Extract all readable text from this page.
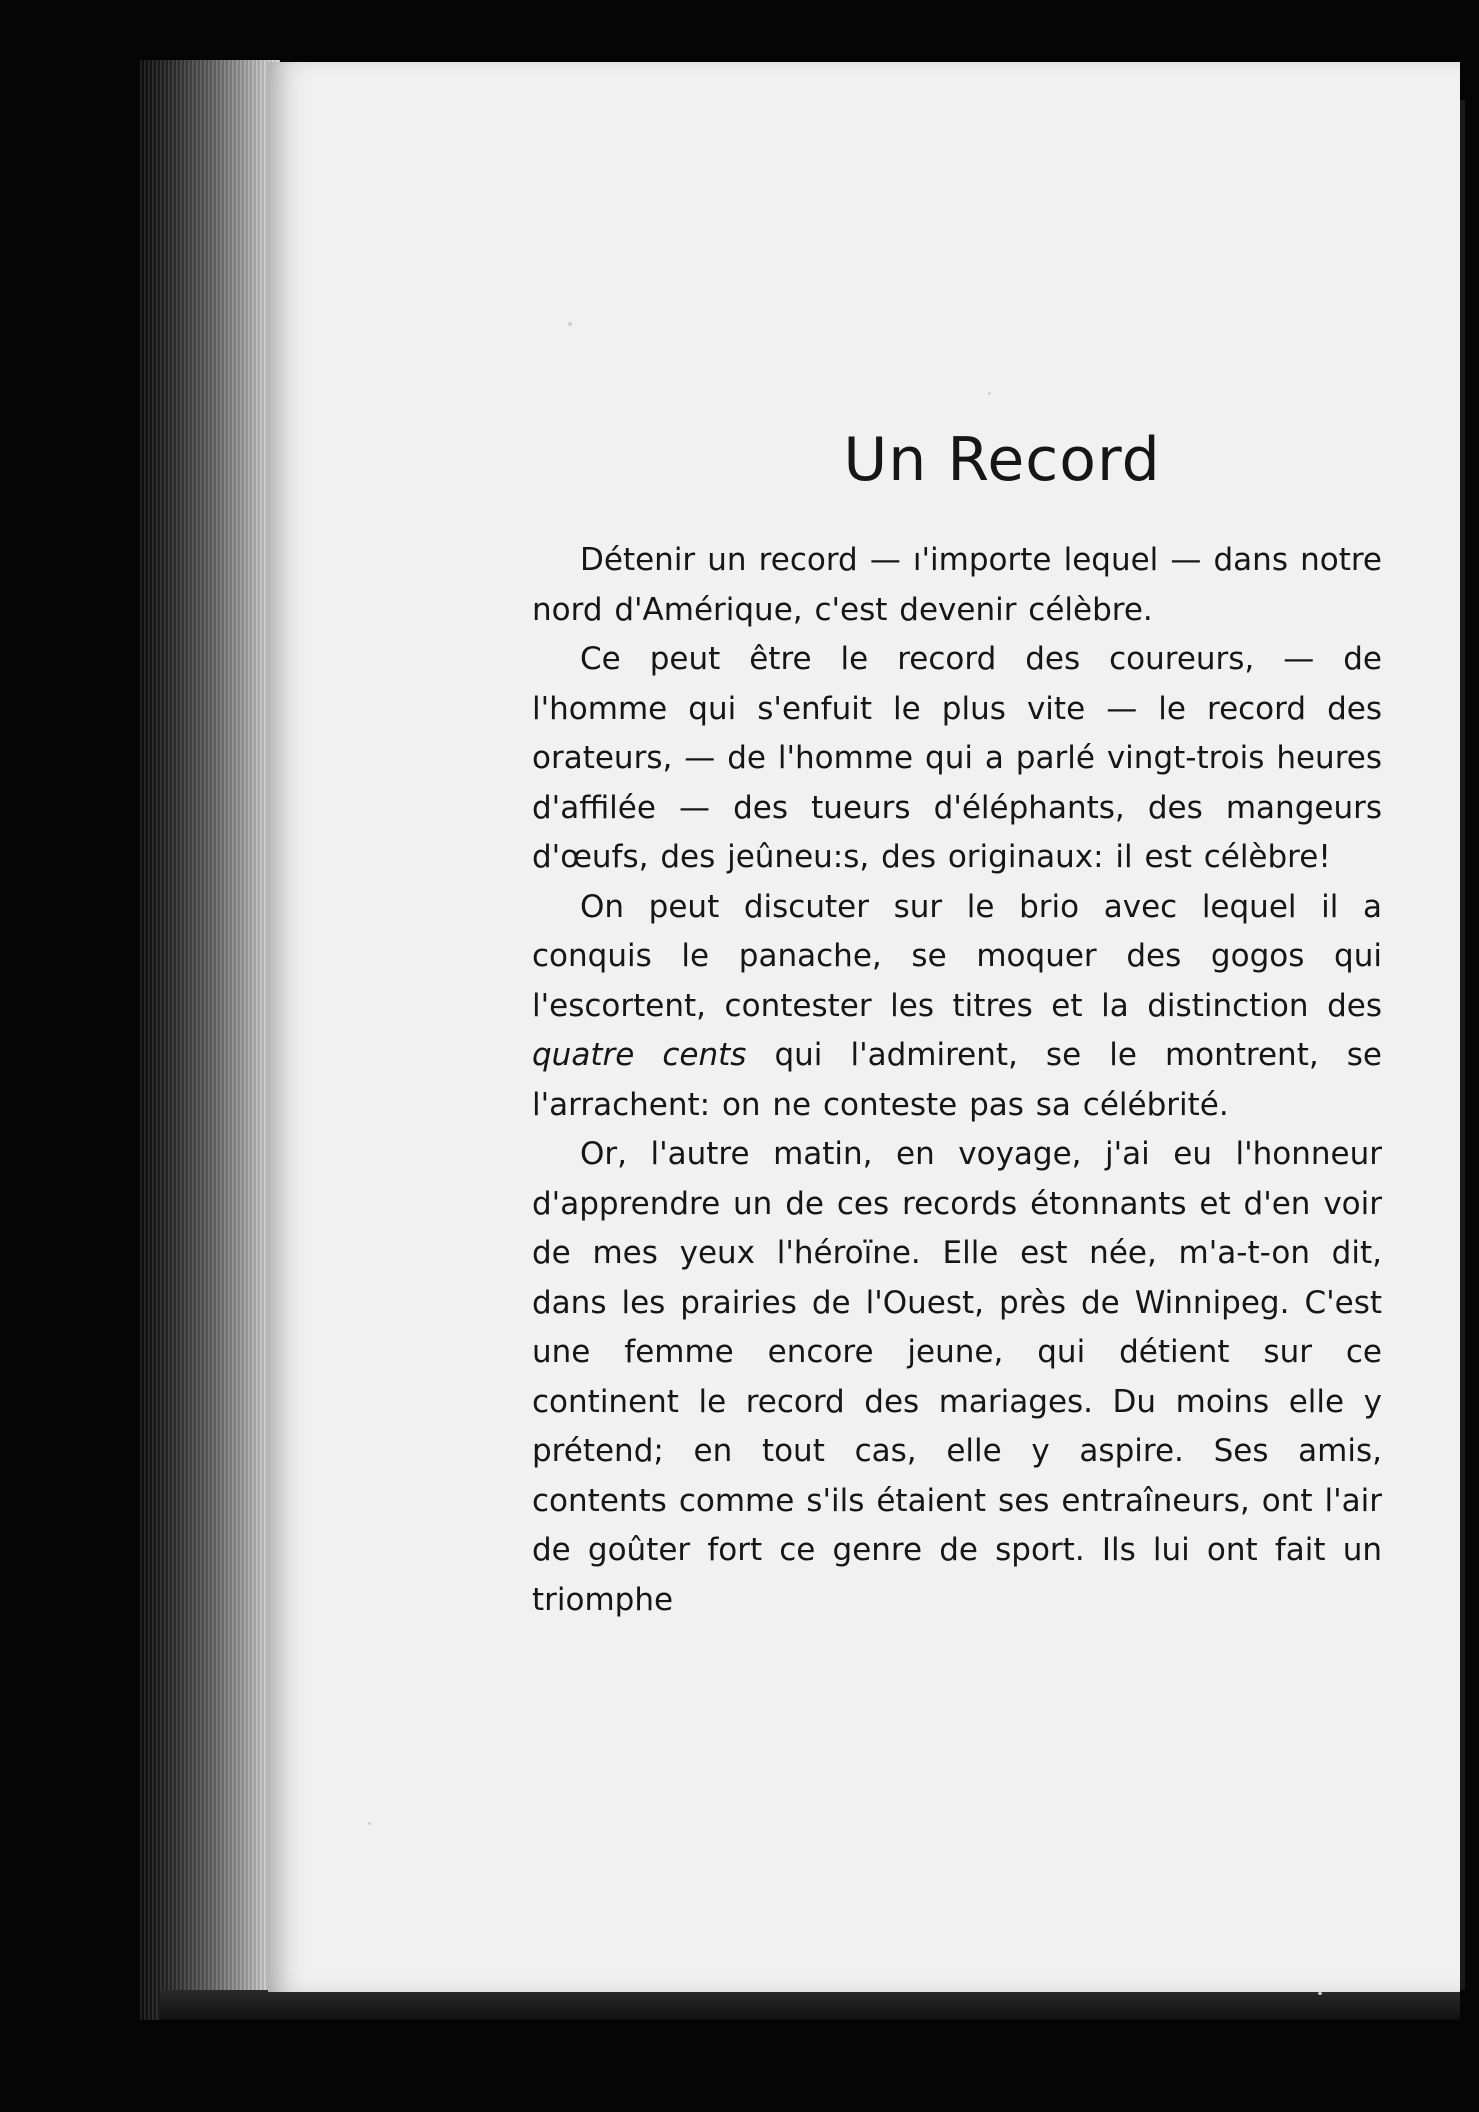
Un Record

Détenir un record — ı'importe lequel — dans notre nord d'Amérique, c'est devenir célèbre.

Ce peut être le record des coureurs, — de l'homme qui s'enfuit le plus vite — le record des orateurs, — de l'homme qui a parlé vingt-trois heures d'affilée — des tueurs d'éléphants, des mangeurs d'œufs, des jeûneu:s, des originaux: il est célèbre!

On peut discuter sur le brio avec lequel il a conquis le panache, se moquer des gogos qui l'escortent, contester les titres et la distinction des quatre cents qui l'admirent, se le montrent, se l'arrachent: on ne conteste pas sa célébrité.

Or, l'autre matin, en voyage, j'ai eu l'honneur d'apprendre un de ces records étonnants et d'en voir de mes yeux l'héroïne. Elle est née, m'a-t-on dit, dans les prairies de l'Ouest, près de Winnipeg. C'est une femme encore jeune, qui détient sur ce continent le record des mariages. Du moins elle y prétend; en tout cas, elle y aspire. Ses amis, contents comme s'ils étaient ses entraîneurs, ont l'air de goûter fort ce genre de sport. Ils lui ont fait un triomphe
